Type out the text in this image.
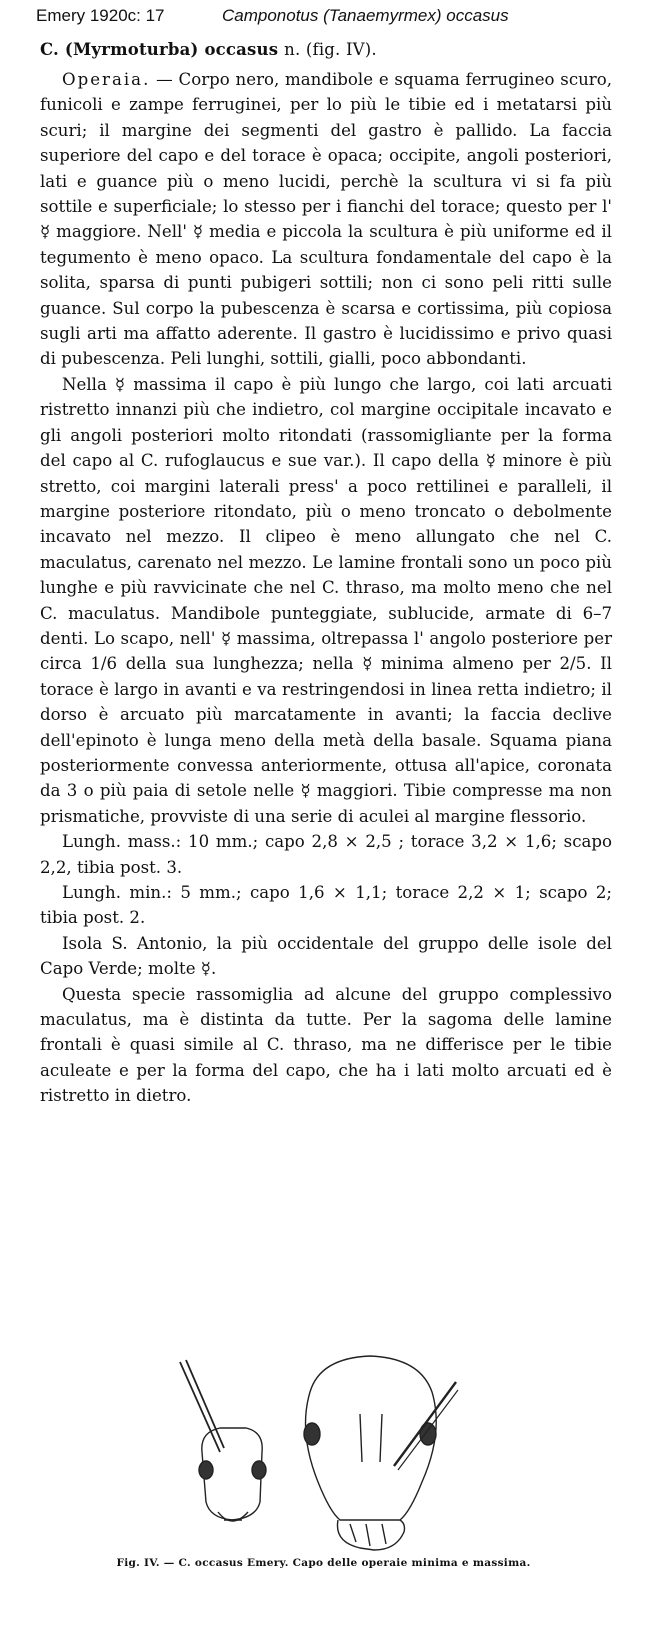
Emery 1920c: 17	Camponotus (Tanaemyrmex) occasus
C. (Myrmoturba) occasus n. (fig. IV).

Operaia. — Corpo nero, mandibole e squama ferrugineo scuro, funicoli e zampe ferruginei, per lo più le tibie ed i metatarsi più scuri; il margine dei segmenti del gastro è pallido. La faccia superiore del capo e del torace è opaca; occipite, angoli posteriori, lati e guance più o meno lucidi, perchè la scultura vi si fa più sottile e superficiale; lo stesso per i fianchi del torace; questo per l' ☿ maggiore. Nell' ☿ media e piccola la scultura è più uniforme ed il tegumento è meno opaco. La scultura fondamentale del capo è la solita, sparsa di punti pubigeri sottili; non ci sono peli ritti sulle guance. Sul corpo la pubescenza è scarsa e cortissima, più copiosa sugli arti ma affatto aderente. Il gastro è lucidissimo e privo quasi di pubescenza. Peli lunghi, sottili, gialli, poco abbondanti.

Nella ☿ massima il capo è più lungo che largo, coi lati arcuati ristretto innanzi più che indietro, col margine occipitale incavato e gli angoli posteriori molto ritondati (rassomigliante per la forma del capo al C. rufoglaucus e sue var.). Il capo della ☿ minore è più stretto, coi margini laterali press' a poco rettilinei e paralleli, il margine posteriore ritondato, più o meno troncato o debolmente incavato nel mezzo. Il clipeo è meno allungato che nel C. maculatus, carenato nel mezzo. Le lamine frontali sono un poco più lunghe e più ravvicinate che nel C. thraso, ma molto meno che nel C. maculatus. Mandibole punteggiate, sublucide, armate di 6–7 denti. Lo scapo, nell' ☿ massima, oltrepassa l' angolo posteriore per circa 1/6 della sua lunghezza; nella ☿ minima almeno per 2/5. Il torace è largo in avanti e va restringendosi in linea retta indietro; il dorso è arcuato più marcatamente in avanti; la faccia declive dell'epinoto è lunga meno della metà della basale. Squama piana posteriormente convessa anteriormente, ottusa all'apice, coronata da 3 o più paia di setole nelle ☿ maggiori. Tibie compresse ma non prismatiche, provviste di una serie di aculei al margine flessorio.

Lungh. mass.: 10 mm.; capo 2,8 × 2,5 ; torace 3,2 × 1,6; scapo 2,2, tibia post. 3.

Lungh. min.: 5 mm.; capo 1,6 × 1,1; torace 2,2 × 1; scapo 2; tibia post. 2.

Isola S. Antonio, la più occidentale del gruppo delle isole del Capo Verde; molte ☿.

Questa specie rassomiglia ad alcune del gruppo complessivo maculatus, ma è distinta da tutte. Per la sagoma delle lamine frontali è quasi simile al C. thraso, ma ne differisce per le tibie aculeate e per la forma del capo, che ha i lati molto arcuati ed è ristretto in dietro.

Fig. IV. — C. occasus Emery. Capo delle operaie minima e massima.
